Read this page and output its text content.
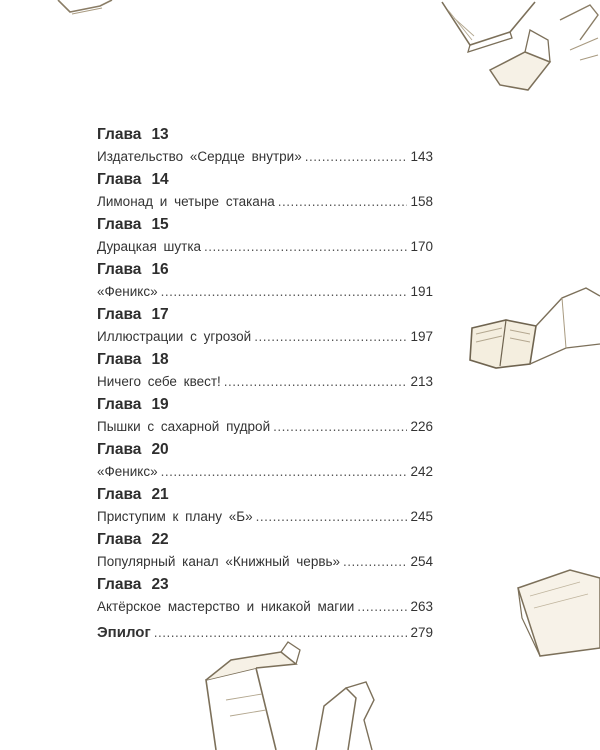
Глава 13
Издательство «Сердце внутри» .....	143
Глава 14
Лимонад и четыре стакана .....	158
Глава 15
Дурацкая шутка .....	170
Глава 16
«Феникс» .....	191
Глава 17
Иллюстрации с угрозой .....	197
Глава 18
Ничего себе квест! .....	213
Глава 19
Пышки с сахарной пудрой .....	226
Глава 20
«Феникс» .....	242
Глава 21
Приступим к плану «Б» .....	245
Глава 22
Популярный канал «Книжный червь» .....	254
Глава 23
Актёрское мастерство и никакой магии .....	263
Эпилог .....	279
